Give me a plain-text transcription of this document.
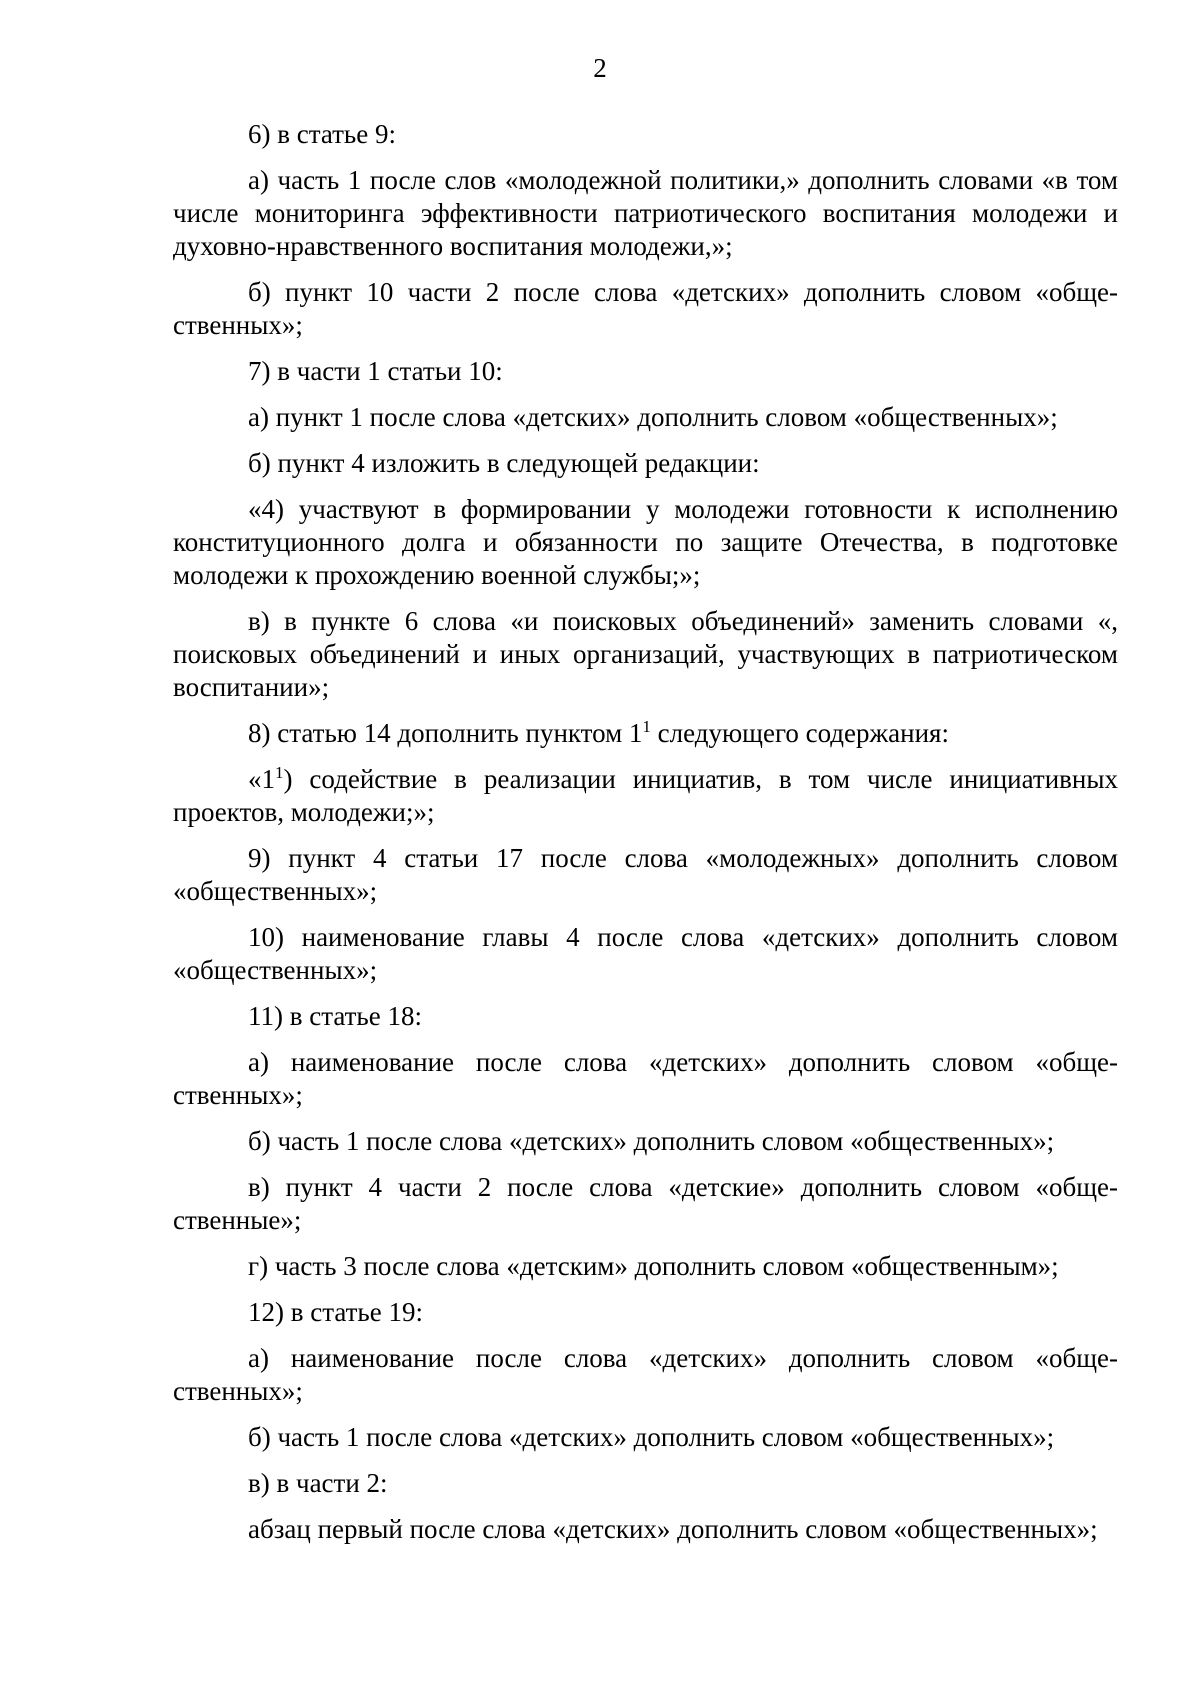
2

6) в статье 9:

а) часть 1 после слов «молодежной политики,» дополнить словами «в том числе мониторинга эффективности патриотического воспитания молодежи и духовно-нравственного воспитания молодежи,»;

б) пункт 10 части 2 после слова «детских» дополнить словом «общественных»;

7) в части 1 статьи 10:

а) пункт 1 после слова «детских» дополнить словом «общественных»;

б) пункт 4 изложить в следующей редакции:

«4) участвуют в формировании у молодежи готовности к исполнению конституционного долга и обязанности по защите Отечества, в подготовке молодежи к прохождению военной службы;»;

в) в пункте 6 слова «и поисковых объединений» заменить словами «, поисковых объединений и иных организаций, участвующих в патриотическом воспитании»;

8) статью 14 дополнить пунктом $1^1$ следующего содержания:

«$1^1$) содействие в реализации инициатив, в том числе инициативных проектов, молодежи;»;

9) пункт 4 статьи 17 после слова «молодежных» дополнить словом «общественных»;

10) наименование главы 4 после слова «детских» дополнить словом «общественных»;

11) в статье 18:

а) наименование после слова «детских» дополнить словом «общественных»;

б) часть 1 после слова «детских» дополнить словом «общественных»;

в) пункт 4 части 2 после слова «детские» дополнить словом «общественные»;

г) часть 3 после слова «детским» дополнить словом «общественным»;

12) в статье 19:

а) наименование после слова «детских» дополнить словом «общественных»;

б) часть 1 после слова «детских» дополнить словом «общественных»;

в) в части 2:

абзац первый после слова «детских» дополнить словом «общественных»;
